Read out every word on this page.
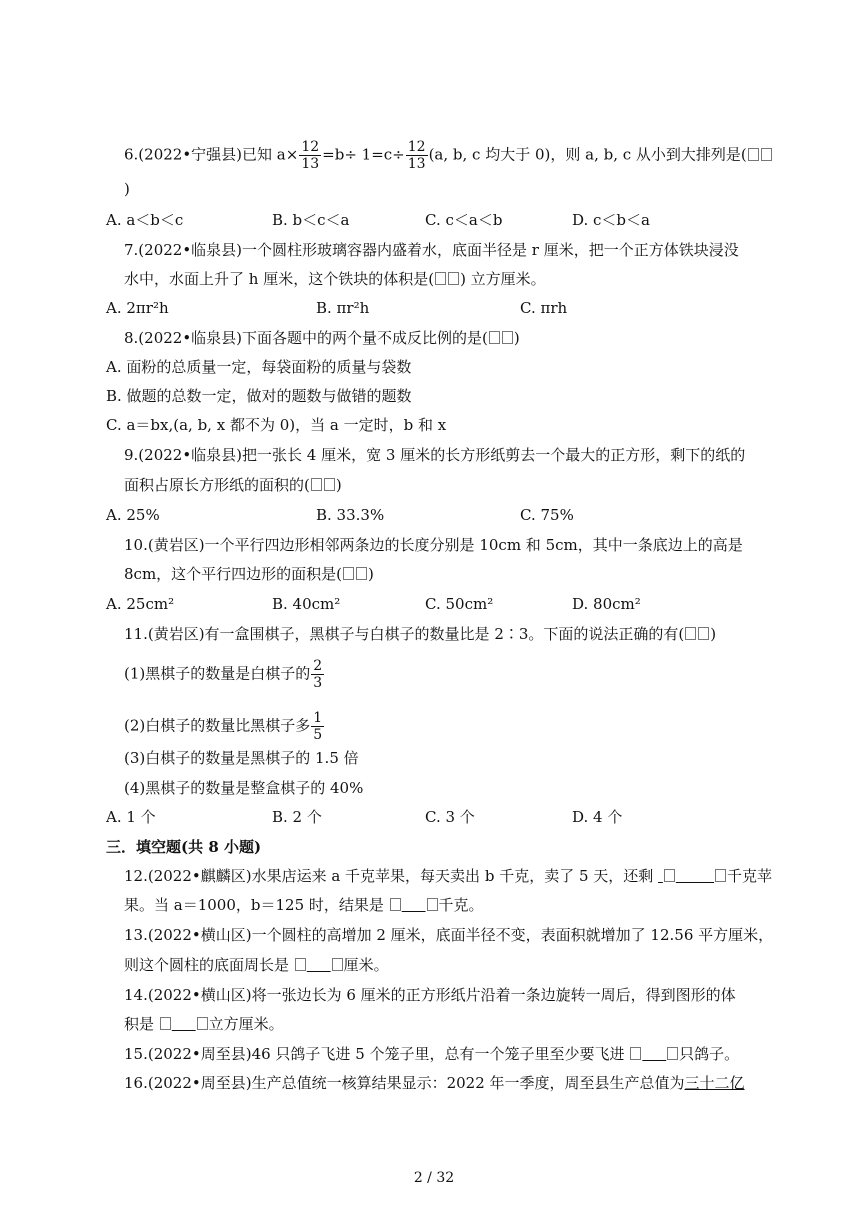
6.(2022•宁强县)已知 $a\times \frac{12}{13} =b\div 1=c\div \frac{12}{13} (a$, b, c 均大于 0)，则 a, b, c 从小到大排列是(
)
A. a＜b＜c	B. b＜c＜a	C. c＜a＜b	D. c＜b＜a
7.(2022•临泉县)一个圆柱形玻璃容器内盛着水，底面半径是 r 厘米，把一个正方体铁块浸没
水中，水面上升了 h 厘米，这个铁块的体积是( ) 立方厘米。
A. 2πr²h	B. πr²h	C. πrh
8.(2022•临泉县)下面各题中的两个量不成反比例的是( )
A. 面粉的总质量一定，每袋面粉的质量与袋数
B. 做题的总数一定，做对的题数与做错的题数
C. a＝bx,(a, b, x 都不为 0)，当 a 一定时，b 和 x
9.(2022•临泉县)把一张长 4 厘米，宽 3 厘米的长方形纸剪去一个最大的正方形，剩下的纸的
面积占原长方形纸的面积的( )
A. 25%	B. 33.3%	C. 75%
10.(黄岩区)一个平行四边形相邻两条边的长度分别是 10cm 和 5cm，其中一条底边上的高是
8cm，这个平行四边形的面积是( )
A. 25cm²	B. 40cm²	C. 50cm²	D. 80cm²
11.(黄岩区)有一盒围棋子，黑棋子与白棋子的数量比是 2∶3。下面的说法正确的有( )
(1)黑棋子的数量是白棋子的 $\frac{2}{3}$
(2)白棋子的数量比黑棋子多 $\frac{1}{5}$
(3)白棋子的数量是黑棋子的 1.5 倍
(4)黑棋子的数量是整盒棋子的 40%
A. 1 个	B. 2 个	C. 3 个	D. 4 个
三．填空题(共 8 小题)
12.(2022•麒麟区)水果店运来 a 千克苹果，每天卖出 b 千克，卖了 5 天，还剩	千克苹
果。当 a＝1000，b＝125 时，结果是	千克。
13.(2022•横山区)一个圆柱的高增加 2 厘米，底面半径不变，表面积就增加了 12.56 平方厘米，
则这个圆柱的底面周长是	厘米。
14.(2022•横山区)将一张边长为 6 厘米的正方形纸片沿着一条边旋转一周后，得到图形的体
积是	立方厘米。
15.(2022•周至县)46 只鸽子飞进 5 个笼子里，总有一个笼子里至少要飞进	只鸽子。
16.(2022•周至县)生产总值统一核算结果显示：2022 年一季度，周至县生产总值为三十二亿
2 / 32
